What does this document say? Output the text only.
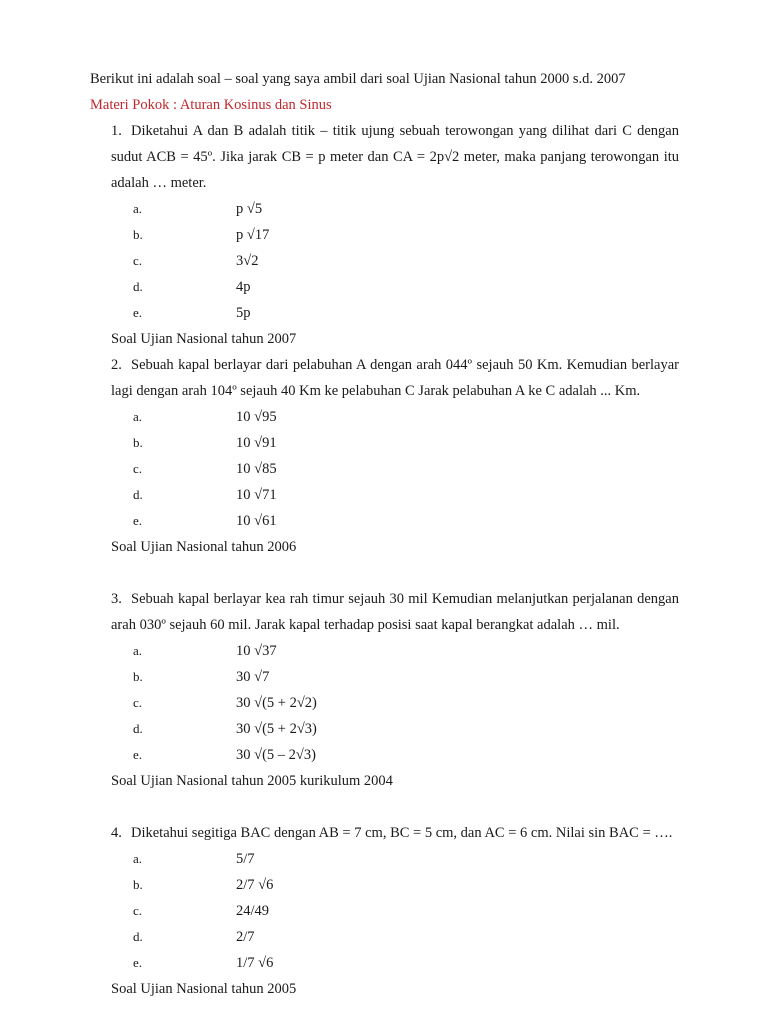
Berikut ini adalah soal – soal yang saya ambil dari soal Ujian Nasional tahun 2000 s.d. 2007
Materi Pokok : Aturan Kosinus dan Sinus

1. Diketahui A dan B adalah titik – titik ujung sebuah terowongan yang dilihat dari C dengan sudut ACB = 45º. Jika jarak CB = p meter dan CA = 2p√2 meter, maka panjang terowongan itu adalah … meter.

a.	p √5
b.	p √17
c.	3√2
d.	4p
e.	5p
Soal Ujian Nasional tahun 2007

2. Sebuah kapal berlayar dari pelabuhan A dengan arah 044º sejauh 50 Km. Kemudian berlayar lagi dengan arah 104º sejauh 40 Km ke pelabuhan C Jarak pelabuhan A ke C adalah ... Km.

a.	10 √95
b.	10 √91
c.	10 √85
d.	10 √71
e.	10 √61
Soal Ujian Nasional tahun 2006

3. Sebuah kapal berlayar kea rah timur sejauh 30 mil Kemudian melanjutkan perjalanan dengan arah 030º sejauh 60 mil. Jarak kapal terhadap posisi saat kapal berangkat adalah … mil.

a.	10 √37
b.	30 √7
c.	30 √(5 + 2√2)
d.	30 √(5 + 2√3)
e.	30 √(5 – 2√3)
Soal Ujian Nasional tahun 2005 kurikulum 2004

4. Diketahui segitiga BAC dengan AB = 7 cm, BC = 5 cm, dan AC = 6 cm. Nilai sin BAC = ….

a.	5/7
b.	2/7 √6
c.	24/49
d.	2/7
e.	1/7 √6
Soal Ujian Nasional tahun 2005
